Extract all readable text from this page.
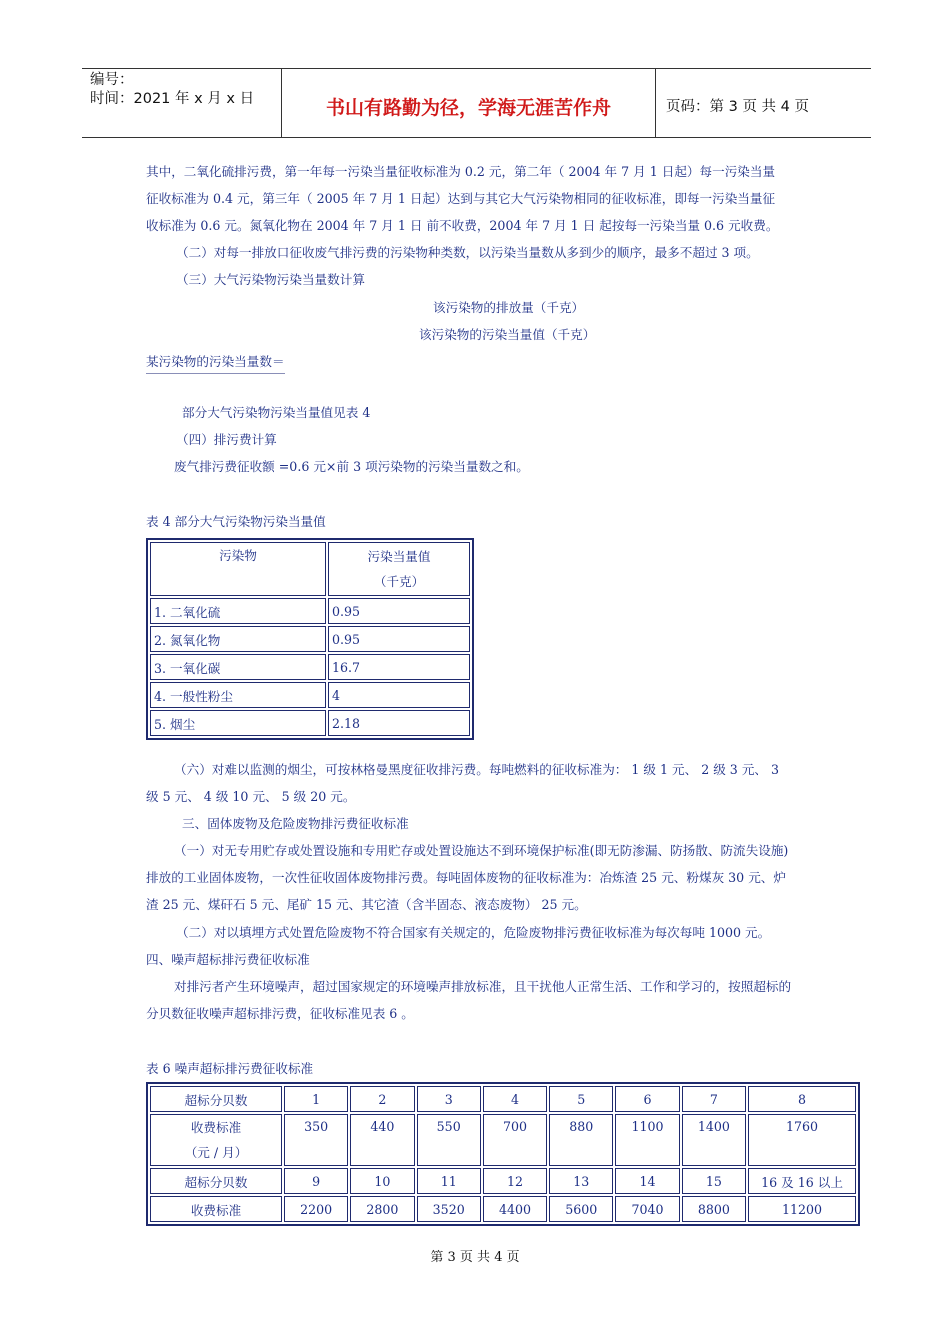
编号：
时间：2021 年 x 月 x 日	书山有路勤为径，学海无涯苦作舟	页码：第 3 页 共 4 页
其中，二氧化硫排污费，第一年每一污染当量征收标准为 0.2 元，第二年（ 2004 年 7 月 1 日起）每一污染当量
征收标准为 0.4 元，第三年（ 2005 年 7 月 1 日起）达到与其它大气污染物相同的征收标准，即每一污染当量征
收标准为 0.6 元。氮氧化物在 2004 年 7 月 1 日 前不收费，2004 年 7 月 1 日 起按每一污染当量 0.6 元收费。
（二）对每一排放口征收废气排污费的污染物种类数，以污染当量数从多到少的顺序，最多不超过 3 项。
（三）大气污染物污染当量数计算
该污染物的排放量（千克）
该污染物的污染当量值（千克）
某污染物的污染当量数＝
部分大气污染物污染当量值见表 4
（四）排污费计算
废气排污费征收额 =0.6 元×前 3 项污染物的污染当量数之和。
表 4 部分大气污染物污染当量值
污染物	污染当量值
（千克）

1. 二氧化硫	0.95
2. 氮氧化物	0.95
3. 一氧化碳	16.7
4. 一般性粉尘	4
5. 烟尘	2.18
（六）对难以监测的烟尘，可按林格曼黑度征收排污费。每吨燃料的征收标准为： 1 级 1 元、 2 级 3 元、 3
级 5 元、 4 级 10 元、 5 级 20 元。
三、固体废物及危险废物排污费征收标准
（一）对无专用贮存或处置设施和专用贮存或处置设施达不到环境保护标准(即无防渗漏、防扬散、防流失设施)
排放的工业固体废物，一次性征收固体废物排污费。每吨固体废物的征收标准为：冶炼渣 25 元、粉煤灰 30 元、炉
渣 25 元、煤矸石 5 元、尾矿 15 元、其它渣（含半固态、液态废物） 25 元。
（二）对以填埋方式处置危险废物不符合国家有关规定的，危险废物排污费征收标准为每次每吨 1000 元。
四、噪声超标排污费征收标准
对排污者产生环境噪声，超过国家规定的环境噪声排放标准，且干扰他人正常生活、工作和学习的，按照超标的
分贝数征收噪声超标排污费，征收标准见表 6 。
表 6 噪声超标排污费征收标准
超标分贝数	1	2	3	4	5	6	7	8

收费标准
（元 / 月）	350	440	550	700	880	1100	1400	1760
超标分贝数	9	10	11	12	13	14	15	16 及 16 以上
收费标准	2200	2800	3520	4400	5600	7040	8800	11200
第 3 页 共 4 页
